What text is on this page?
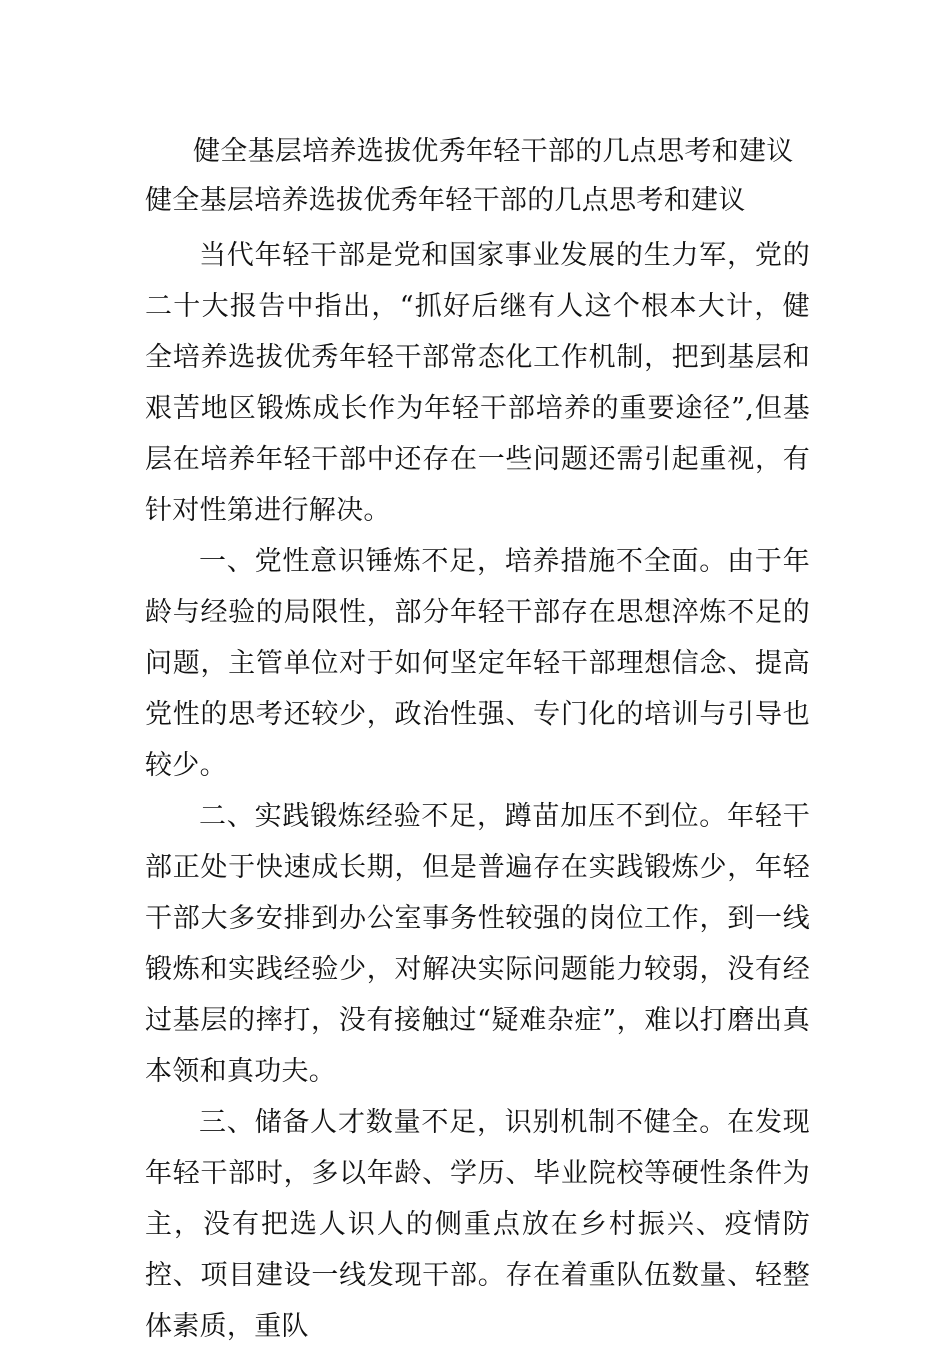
健全基层培养选拔优秀年轻干部的几点思考和建议
健全基层培养选拔优秀年轻干部的几点思考和建议

当代年轻干部是党和国家事业发展的生力军，党的二十大报告中指出，“抓好后继有人这个根本大计，健全培养选拔优秀年轻干部常态化工作机制，把到基层和艰苦地区锻炼成长作为年轻干部培养的重要途径”,但基层在培养年轻干部中还存在一些问题还需引起重视，有针对性第进行解决。

一、党性意识锤炼不足，培养措施不全面。由于年龄与经验的局限性，部分年轻干部存在思想淬炼不足的问题，主管单位对于如何坚定年轻干部理想信念、提高党性的思考还较少，政治性强、专门化的培训与引导也较少。

二、实践锻炼经验不足，蹲苗加压不到位。年轻干部正处于快速成长期，但是普遍存在实践锻炼少，年轻干部大多安排到办公室事务性较强的岗位工作，到一线锻炼和实践经验少，对解决实际问题能力较弱，没有经过基层的摔打，没有接触过“疑难杂症”，难以打磨出真本领和真功夫。

三、储备人才数量不足，识别机制不健全。在发现年轻干部时，多以年龄、学历、毕业院校等硬性条件为主，没有把选人识人的侧重点放在乡村振兴、疫情防控、项目建设一线发现干部。存在着重队伍数量、轻整体素质，重队
